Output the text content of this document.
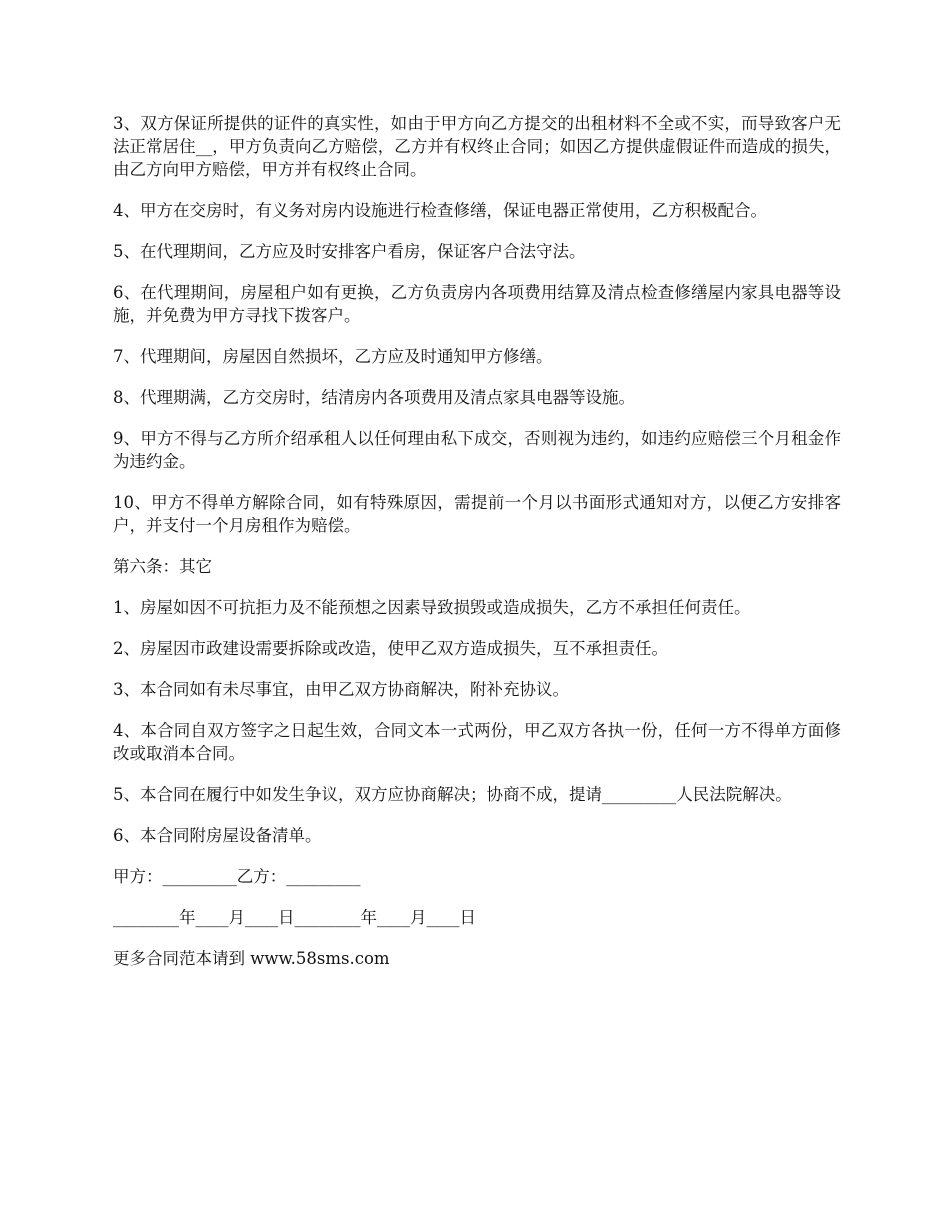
3、双方保证所提供的证件的真实性，如由于甲方向乙方提交的出租材料不全或不实，而导致客户无法正常居住__，甲方负责向乙方赔偿，乙方并有权终止合同；如因乙方提供虚假证件而造成的损失，由乙方向甲方赔偿，甲方并有权终止合同。

4、甲方在交房时，有义务对房内设施进行检查修缮，保证电器正常使用，乙方积极配合。

5、在代理期间，乙方应及时安排客户看房，保证客户合法守法。

6、在代理期间，房屋租户如有更换，乙方负责房内各项费用结算及清点检查修缮屋内家具电器等设施，并免费为甲方寻找下拨客户。

7、代理期间，房屋因自然损坏，乙方应及时通知甲方修缮。

8、代理期满，乙方交房时，结清房内各项费用及清点家具电器等设施。

9、甲方不得与乙方所介绍承租人以任何理由私下成交，否则视为违约，如违约应赔偿三个月租金作为违约金。

10、甲方不得单方解除合同，如有特殊原因，需提前一个月以书面形式通知对方，以便乙方安排客户，并支付一个月房租作为赔偿。

第六条：其它

1、房屋如因不可抗拒力及不能预想之因素导致损毁或造成损失，乙方不承担任何责任。

2、房屋因市政建设需要拆除或改造，使甲乙双方造成损失，互不承担责任。

3、本合同如有未尽事宜，由甲乙双方协商解决，附补充协议。

4、本合同自双方签字之日起生效，合同文本一式两份，甲乙双方各执一份，任何一方不得单方面修改或取消本合同。

5、本合同在履行中如发生争议，双方应协商解决；协商不成，提请_________人民法院解决。

6、本合同附房屋设备清单。

甲方：_________乙方：_________

________年____月____日________年____月____日

更多合同范本请到 www.58sms.com
